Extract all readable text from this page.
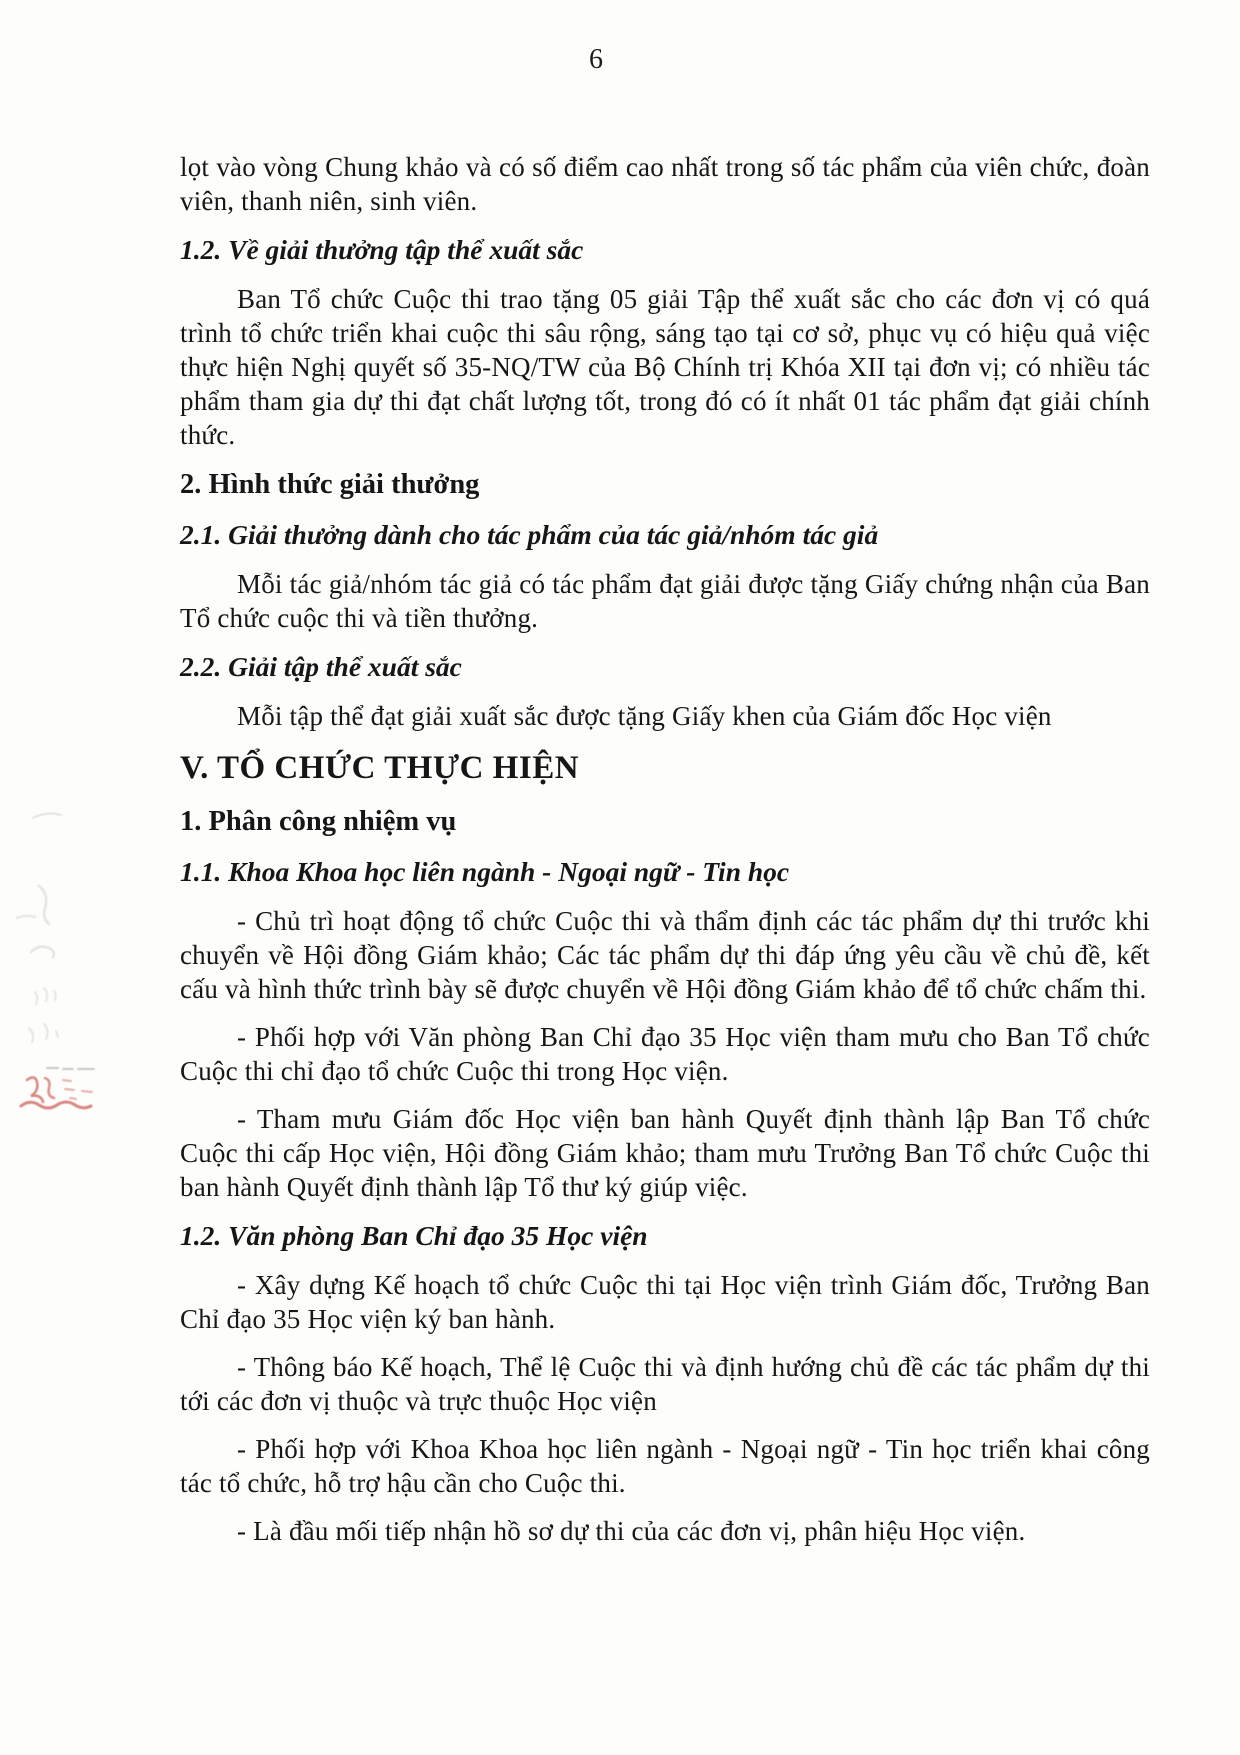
6
lọt vào vòng Chung khảo và có số điểm cao nhất trong số tác phẩm của viên chức, đoàn viên, thanh niên, sinh viên.
1.2. Về giải thưởng tập thể xuất sắc
Ban Tổ chức Cuộc thi trao tặng 05 giải Tập thể xuất sắc cho các đơn vị có quá trình tổ chức triển khai cuộc thi sâu rộng, sáng tạo tại cơ sở, phục vụ có hiệu quả việc thực hiện Nghị quyết số 35-NQ/TW của Bộ Chính trị Khóa XII tại đơn vị; có nhiều tác phẩm tham gia dự thi đạt chất lượng tốt, trong đó có ít nhất 01 tác phẩm đạt giải chính thức.
2. Hình thức giải thưởng
2.1. Giải thưởng dành cho tác phẩm của tác giả/nhóm tác giả
Mỗi tác giả/nhóm tác giả có tác phẩm đạt giải được tặng Giấy chứng nhận của Ban Tổ chức cuộc thi và tiền thưởng.
2.2. Giải tập thể xuất sắc
Mỗi tập thể đạt giải xuất sắc được tặng Giấy khen của Giám đốc Học viện
V. TỔ CHỨC THỰC HIỆN
1. Phân công nhiệm vụ
1.1. Khoa Khoa học liên ngành - Ngoại ngữ - Tin học
- Chủ trì hoạt động tổ chức Cuộc thi và thẩm định các tác phẩm dự thi trước khi chuyển về Hội đồng Giám khảo; Các tác phẩm dự thi đáp ứng yêu cầu về chủ đề, kết cấu và hình thức trình bày sẽ được chuyển về Hội đồng Giám khảo để tổ chức chấm thi.
- Phối hợp với Văn phòng Ban Chỉ đạo 35 Học viện tham mưu cho Ban Tổ chức Cuộc thi chỉ đạo tổ chức Cuộc thi trong Học viện.
- Tham mưu Giám đốc Học viện ban hành Quyết định thành lập Ban Tổ chức Cuộc thi cấp Học viện, Hội đồng Giám khảo; tham mưu Trưởng Ban Tổ chức Cuộc thi ban hành Quyết định thành lập Tổ thư ký giúp việc.
1.2. Văn phòng Ban Chỉ đạo 35 Học viện
- Xây dựng Kế hoạch tổ chức Cuộc thi tại Học viện trình Giám đốc, Trưởng Ban Chỉ đạo 35 Học viện ký ban hành.
- Thông báo Kế hoạch, Thể lệ Cuộc thi và định hướng chủ đề các tác phẩm dự thi tới các đơn vị thuộc và trực thuộc Học viện
- Phối hợp với Khoa Khoa học liên ngành - Ngoại ngữ - Tin học triển khai công tác tổ chức, hỗ trợ hậu cần cho Cuộc thi.
- Là đầu mối tiếp nhận hồ sơ dự thi của các đơn vị, phân hiệu Học viện.
